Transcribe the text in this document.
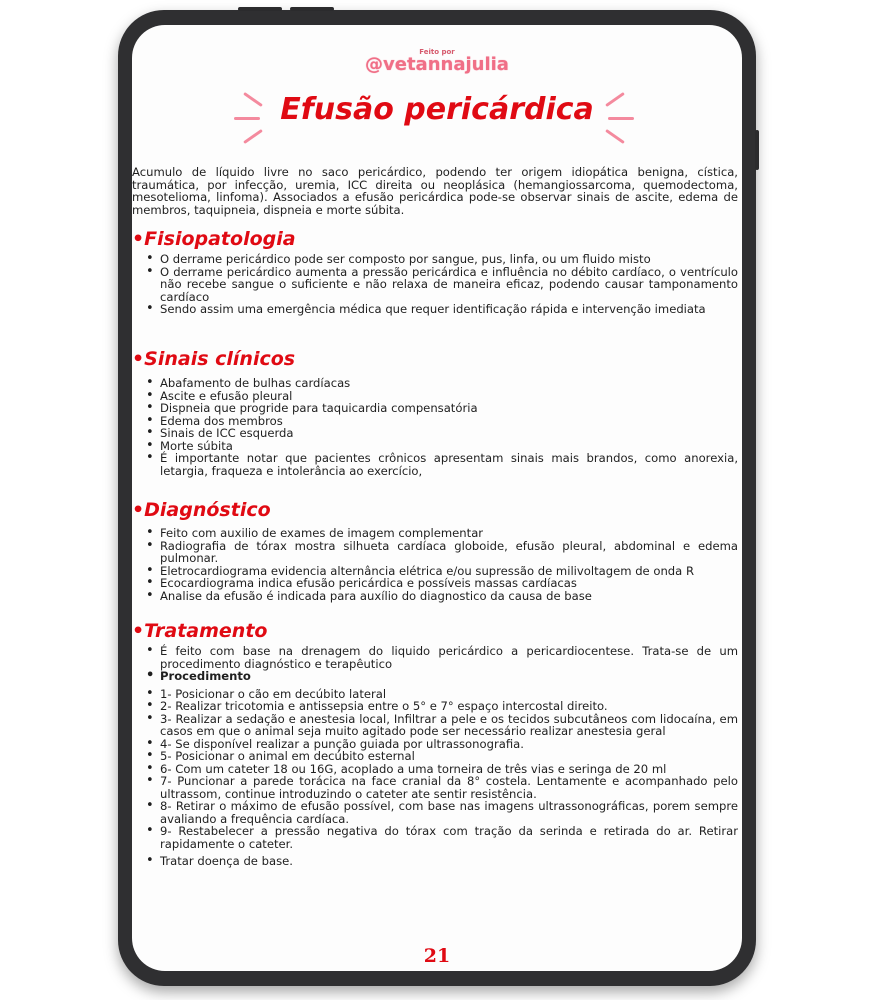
Feito por
@vetannajulia
Efusão pericárdica
Acumulo de líquido livre no saco pericárdico, podendo ter origem idiopática benigna, cística, traumática, por infecção, uremia, ICC direita ou neoplásica (hemangiossarcoma, quemodectoma, mesotelioma, linfoma). Associados a efusão pericárdica pode-se observar sinais de ascite, edema de membros, taquipneia, dispneia e morte súbita.
•Fisiopatologia
• O derrame pericárdico pode ser composto por sangue, pus, linfa, ou um fluido misto
• O derrame pericárdico aumenta a pressão pericárdica e influência no débito cardíaco, o ventrículo não recebe sangue o suficiente e não relaxa de maneira eficaz, podendo causar tamponamento cardíaco
• Sendo assim uma emergência médica que requer identificação rápida e intervenção imediata
•Sinais clínicos
• Abafamento de bulhas cardíacas
• Ascite e efusão pleural
• Dispneia que progride para taquicardia compensatória
• Edema dos membros
• Sinais de ICC esquerda
• Morte súbita
• É importante notar que pacientes crônicos apresentam sinais mais brandos, como anorexia, letargia, fraqueza e intolerância ao exercício,
•Diagnóstico
• Feito com auxilio de exames de imagem complementar
• Radiografia de tórax mostra silhueta cardíaca globoide, efusão pleural, abdominal e edema pulmonar.
• Eletrocardiograma evidencia alternância elétrica e/ou supressão de milivoltagem de onda R
• Ecocardiograma indica efusão pericárdica e possíveis massas cardíacas
• Analise da efusão é indicada para auxílio do diagnostico da causa de base
•Tratamento
• É feito com base na drenagem do liquido pericárdico a pericardiocentese. Trata-se de um procedimento diagnóstico e terapêutico
• Procedimento
• 1- Posicionar o cão em decúbito lateral
• 2- Realizar tricotomia e antissepsia entre o 5° e 7° espaço intercostal direito.
• 3- Realizar a sedação e anestesia local, Infiltrar a pele e os tecidos subcutâneos com lidocaína, em casos em que o animal seja muito agitado pode ser necessário realizar anestesia geral
• 4- Se disponível realizar a punção guiada por ultrassonografia.
• 5- Posicionar o animal em decúbito esternal
• 6- Com um cateter 18 ou 16G, acoplado a uma torneira de três vias e seringa de 20 ml
• 7- Puncionar a parede torácica na face cranial da 8° costela. Lentamente e acompanhado pelo ultrassom, continue introduzindo o cateter ate sentir resistência.
• 8- Retirar o máximo de efusão possível, com base nas imagens ultrassonográficas, porem sempre avaliando a frequência cardíaca.
• 9- Restabelecer a pressão negativa do tórax com tração da serinda e retirada do ar. Retirar rapidamente o cateter.
• Tratar doença de base.
21
